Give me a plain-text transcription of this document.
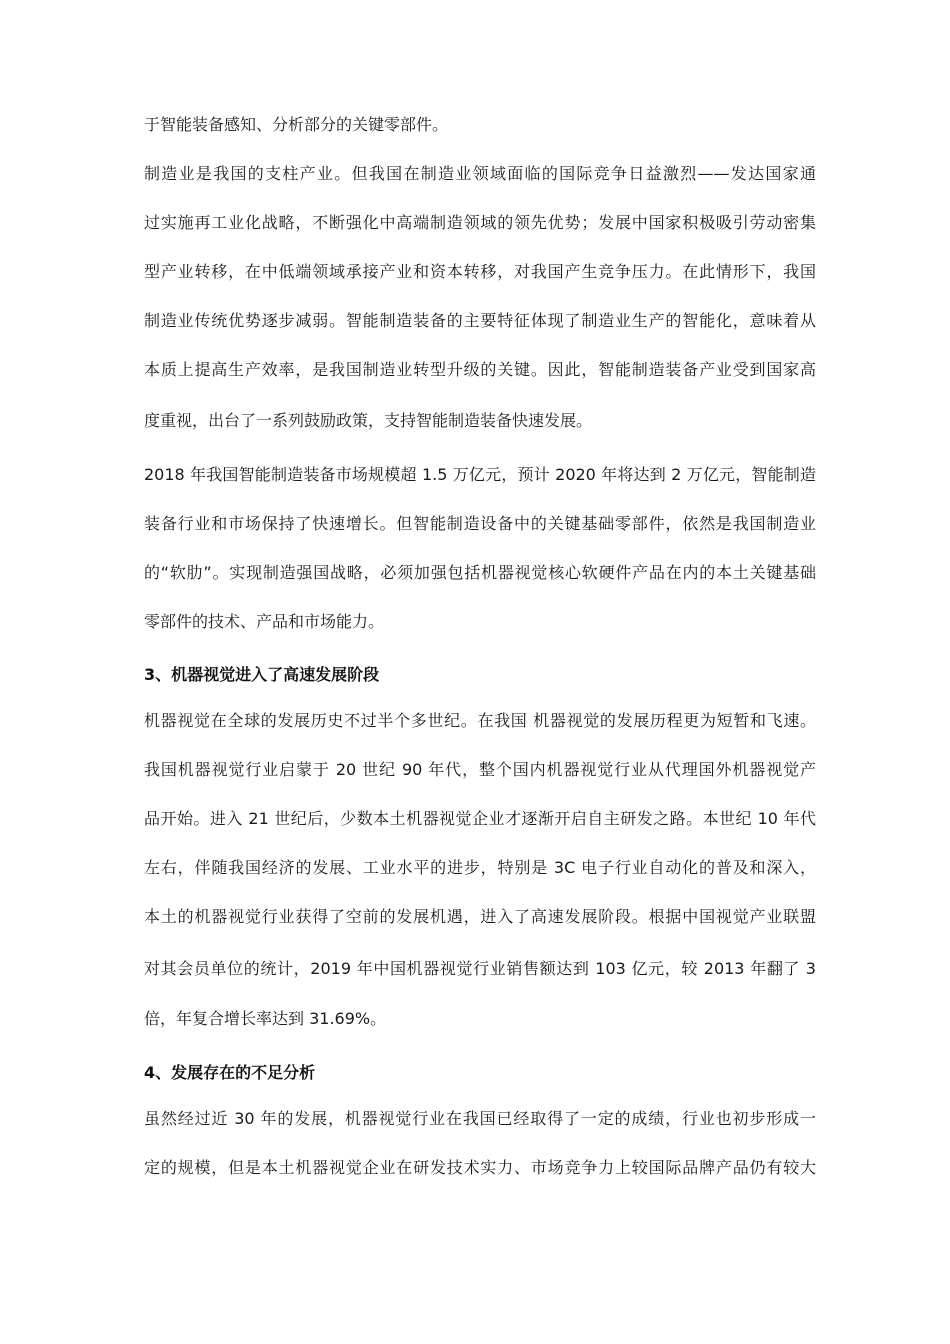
于智能装备感知、分析部分的关键零部件。
制造业是我国的支柱产业。但我国在制造业领域面临的国际竞争日益激烈——发达国家通
过实施再工业化战略，不断强化中高端制造领域的领先优势；发展中国家积极吸引劳动密集
型产业转移，在中低端领域承接产业和资本转移，对我国产生竞争压力。在此情形下，我国
制造业传统优势逐步减弱。智能制造装备的主要特征体现了制造业生产的智能化，意味着从
本质上提高生产效率，是我国制造业转型升级的关键。因此，智能制造装备产业受到国家高
度重视，出台了一系列鼓励政策，支持智能制造装备快速发展。
2018 年我国智能制造装备市场规模超 1.5 万亿元，预计 2020 年将达到 2 万亿元，智能制造
装备行业和市场保持了快速增长。但智能制造设备中的关键基础零部件，依然是我国制造业
的“软肋”。实现制造强国战略，必须加强包括机器视觉核心软硬件产品在内的本土关键基础
零部件的技术、产品和市场能力。
3、机器视觉进入了高速发展阶段
机器视觉在全球的发展历史不过半个多世纪。在我国 机器视觉的发展历程更为短暂和飞速。
我国机器视觉行业启蒙于 20 世纪 90 年代，整个国内机器视觉行业从代理国外机器视觉产
品开始。进入 21 世纪后，少数本土机器视觉企业才逐渐开启自主研发之路。本世纪 10 年代
左右，伴随我国经济的发展、工业水平的进步，特别是 3C 电子行业自动化的普及和深入，
本土的机器视觉行业获得了空前的发展机遇，进入了高速发展阶段。根据中国视觉产业联盟
对其会员单位的统计，2019 年中国机器视觉行业销售额达到 103 亿元，较 2013 年翻了 3
倍，年复合增长率达到 31.69%。
4、发展存在的不足分析
虽然经过近 30 年的发展，机器视觉行业在我国已经取得了一定的成绩，行业也初步形成一
定的规模，但是本土机器视觉企业在研发技术实力、市场竞争力上较国际品牌产品仍有较大
